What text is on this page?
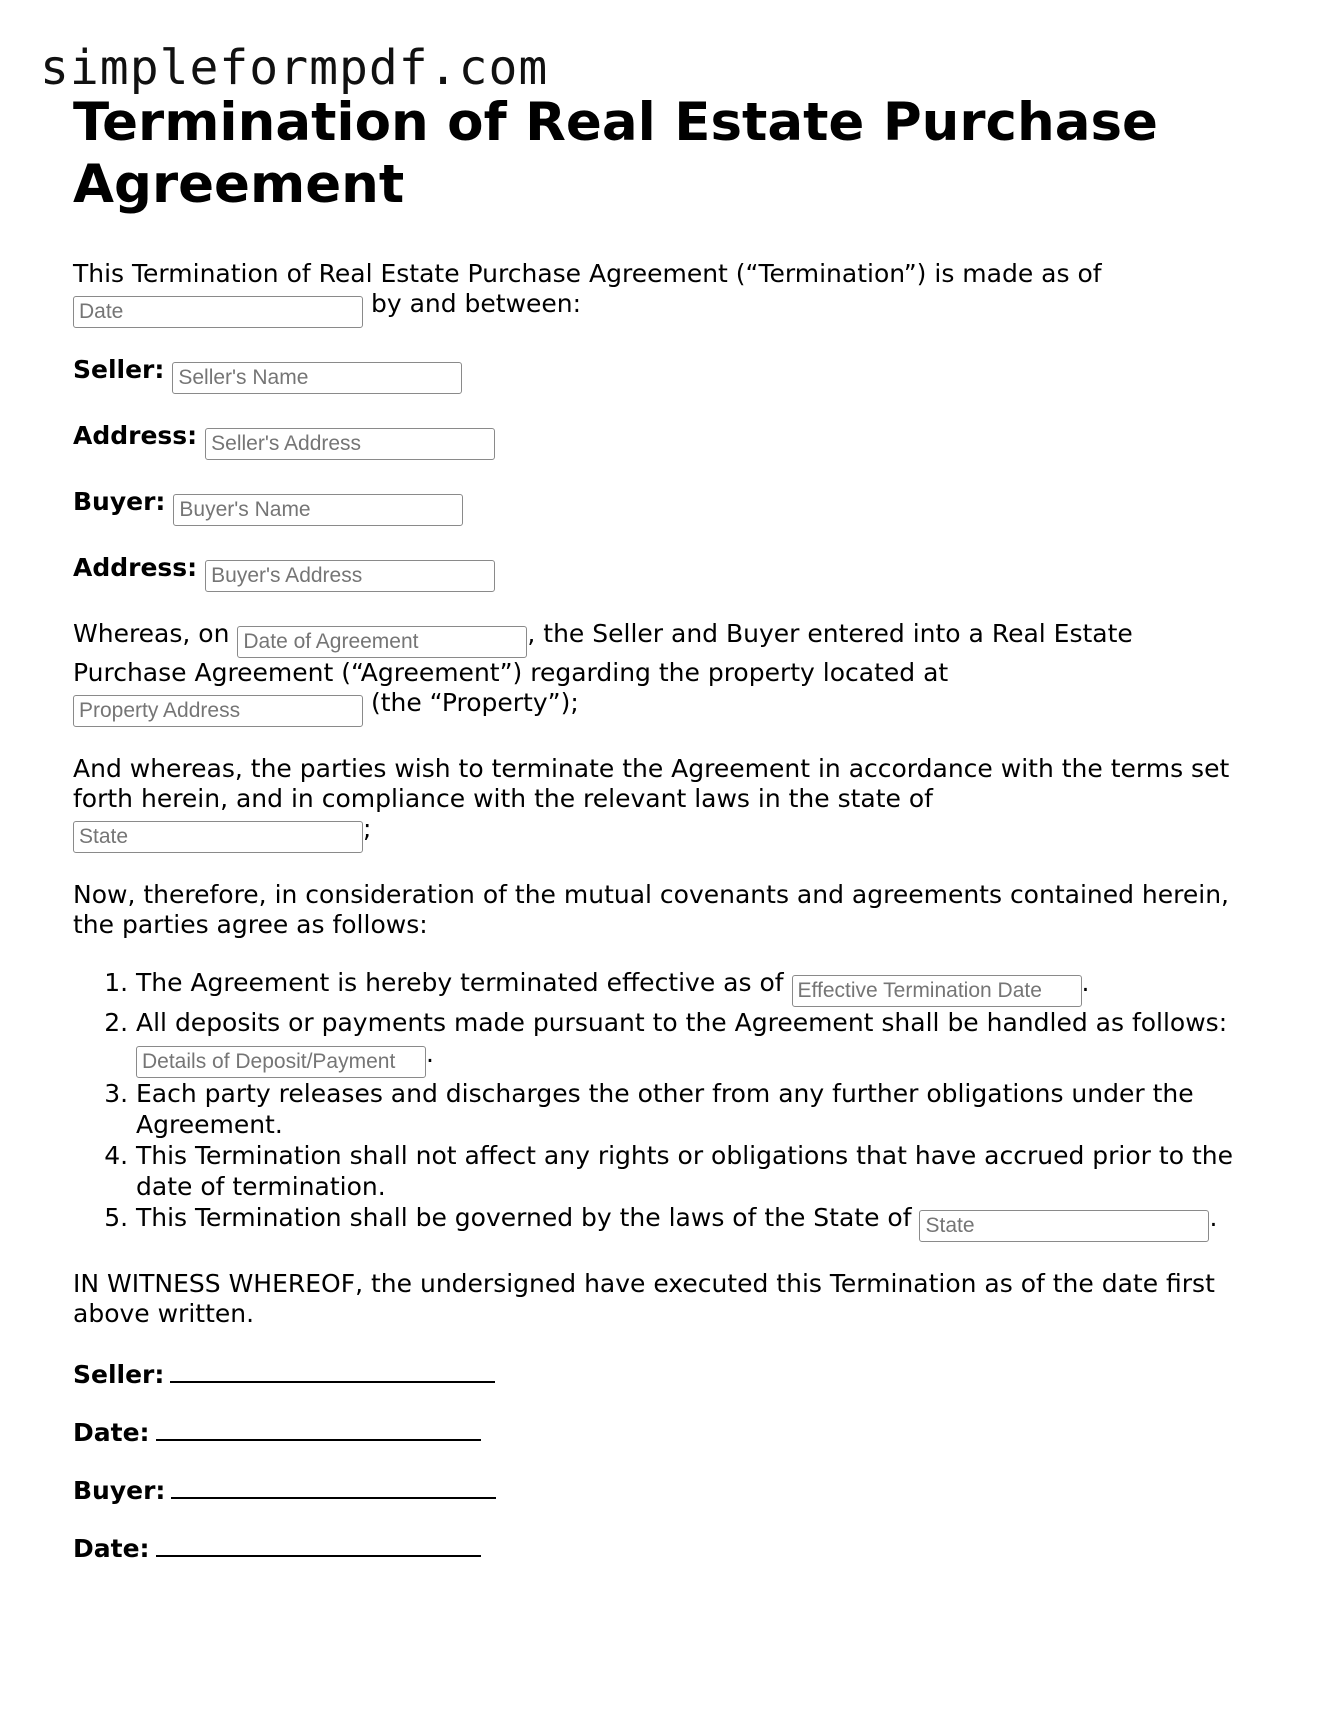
simpleformpdf.com
Termination of Real Estate Purchase Agreement

This Termination of Real Estate Purchase Agreement (“Termination”) is made as of
Date by and between:

Seller: Seller's Name

Address: Seller's Address

Buyer: Buyer's Name

Address: Buyer's Address

Whereas, on Date of Agreement	, the Seller and Buyer entered into a Real Estate Purchase Agreement (“Agreement”) regarding the property located at
Property Address (the “Property”);

And whereas, the parties wish to terminate the Agreement in accordance with the terms set forth herein, and in compliance with the relevant laws in the state of
State;

Now, therefore, in consideration of the mutual covenants and agreements contained herein, the parties agree as follows:

1. The Agreement is hereby terminated effective as of Effective Termination Date	.
2. All deposits or payments made pursuant to the Agreement shall be handled as follows: Details of Deposit/Payment.
3. Each party releases and discharges the other from any further obligations under the Agreement.
4. This Termination shall not affect any rights or obligations that have accrued prior to the date of termination.
5. This Termination shall be governed by the laws of the State of State	.

IN WITNESS WHEREOF, the undersigned have executed this Termination as of the date first above written.

Seller:
Date:
Buyer:
Date:
